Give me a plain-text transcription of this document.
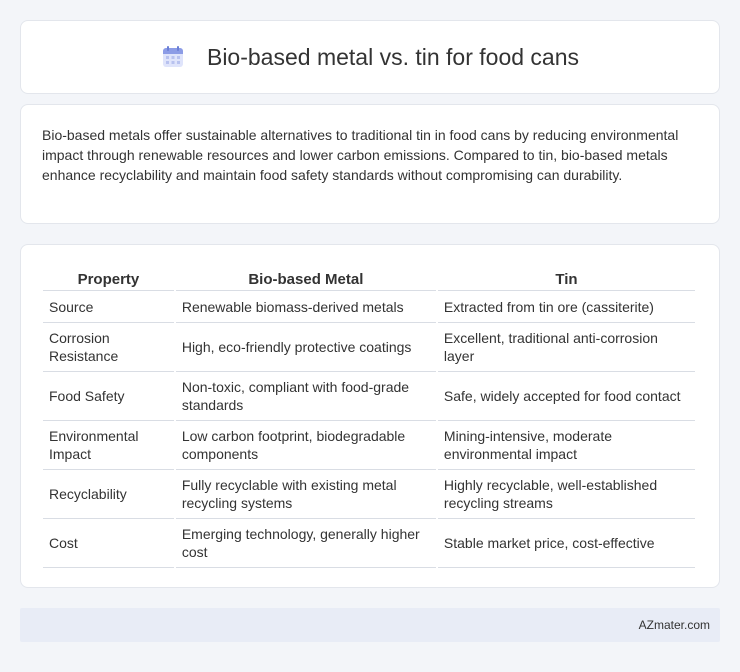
Bio-based metal vs. tin for food cans

Bio-based metals offer sustainable alternatives to traditional tin in food cans by reducing environmental impact through renewable resources and lower carbon emissions. Compared to tin, bio-based metals enhance recyclability and maintain food safety standards without compromising can durability.

Property	Bio-based Metal	Tin
Source	Renewable biomass-derived metals	Extracted from tin ore (cassiterite)
Corrosion Resistance	High, eco-friendly protective coatings	Excellent, traditional anti-corrosion layer
Food Safety	Non-toxic, compliant with food-grade standards	Safe, widely accepted for food contact
Environmental Impact	Low carbon footprint, biodegradable components	Mining-intensive, moderate environmental impact
Recyclability	Fully recyclable with existing metal recycling systems	Highly recyclable, well-established recycling streams
Cost	Emerging technology, generally higher cost	Stable market price, cost-effective
AZmater.com
